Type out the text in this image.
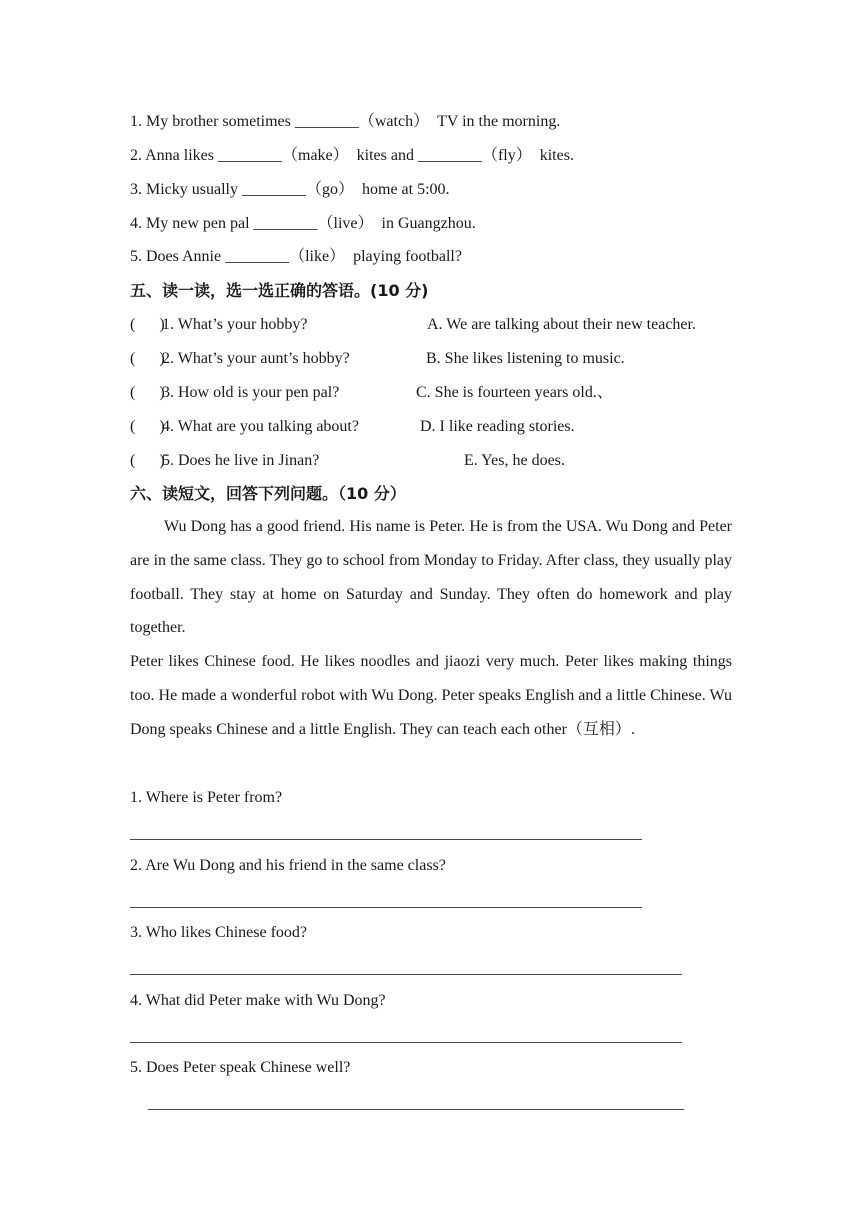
1. My brother sometimes ________（watch）  TV in the morning.
2. Anna likes ________（make）  kites and ________（fly）  kites.
3. Micky usually ________（go）  home at 5:00.
4. My new pen pal ________（live）  in Guangzhou.
5. Does Annie ________（like）  playing football?
五、读一读，选一选正确的答语。(10 分)
(      )
1. What’s your hobby?	A. We are talking about their new teacher.
(      )
2. What’s your aunt’s hobby?	B. She likes listening to music.
(      )
3. How old is your pen pal?	C. She is fourteen years old.、
(      )
4. What are you talking about?	D. I like reading stories.
(      )
5. Does he live in Jinan?	E. Yes, he does.
六、读短文，回答下列问题。（10 分）

Wu Dong has a good friend. His name is Peter. He is from the USA. Wu Dong and Peter are in the same class. They go to school from Monday to Friday. After class, they usually play football. They stay at home on Saturday and Sunday. They often do homework and play together.

Peter likes Chinese food. He likes noodles and jiaozi very much. Peter likes making things too. He made a wonderful robot with Wu Dong. Peter speaks English and a little Chinese. Wu Dong speaks Chinese and a little English. They can teach each other（互相）.

1. Where is Peter from?
________________________________________________________________
2. Are Wu Dong and his friend in the same class?
________________________________________________________________
3. Who likes Chinese food?
_____________________________________________________________________
4. What did Peter make with Wu Dong?
_____________________________________________________________________
5. Does Peter speak Chinese well?
___________________________________________________________________
